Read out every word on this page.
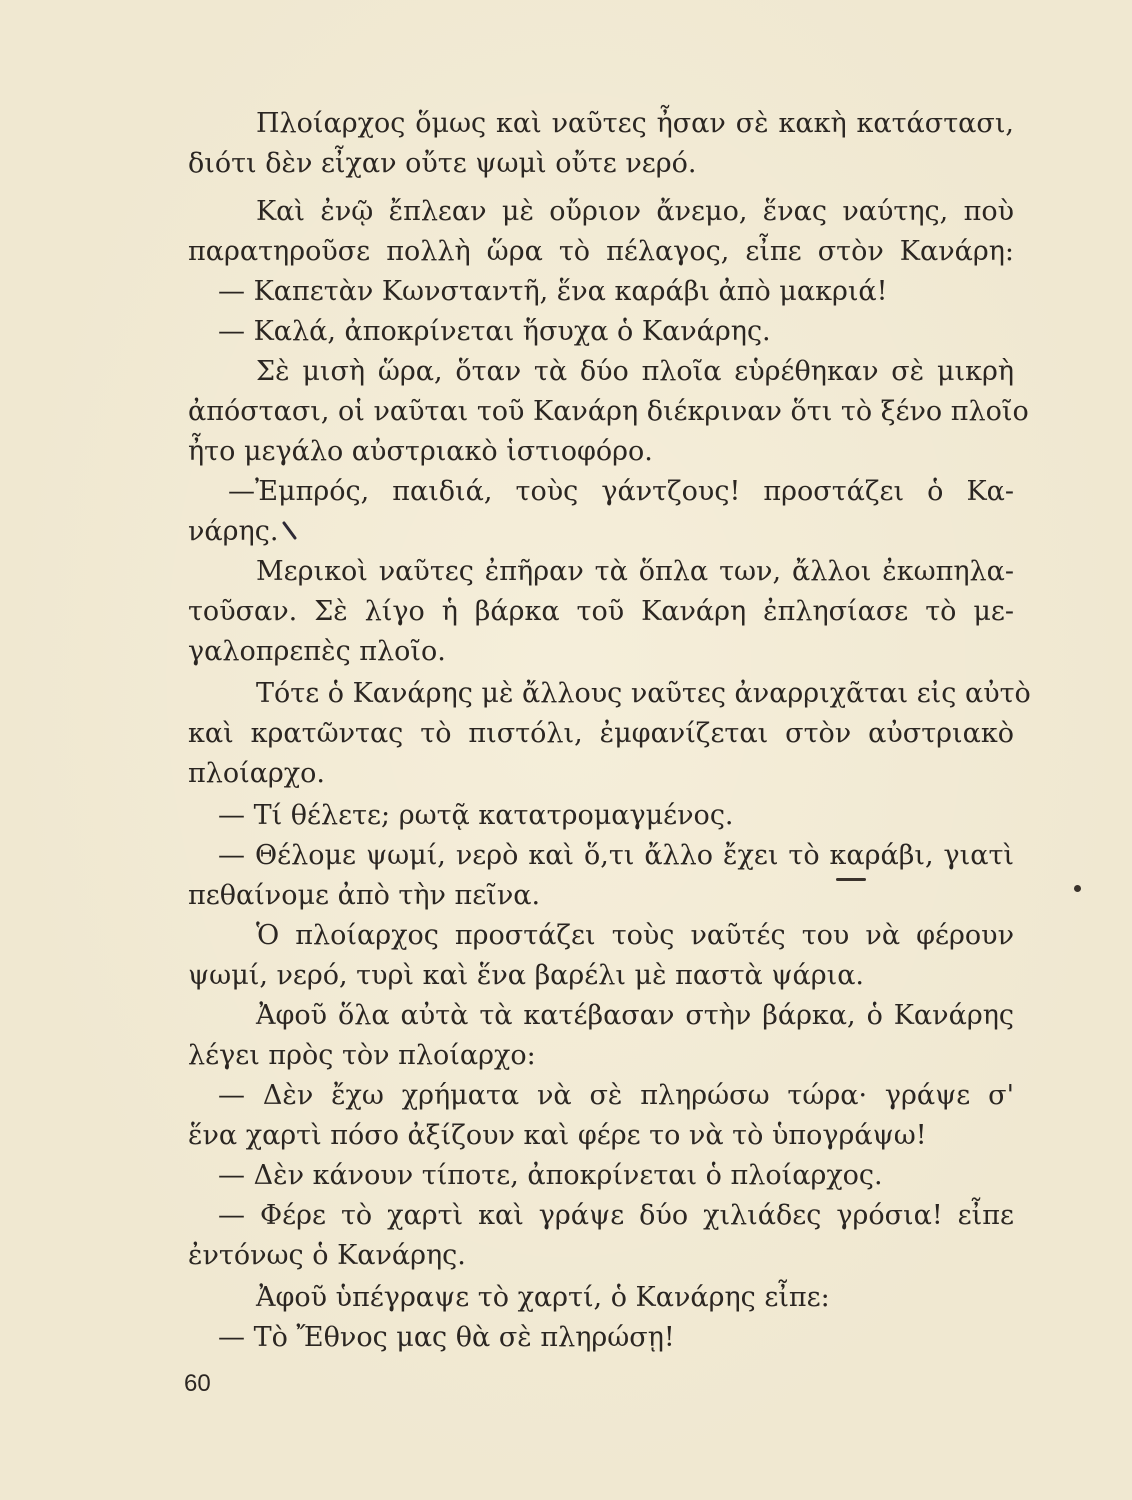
Πλοίαρχος ὅμως καὶ ναῦτες ἦσαν σὲ κακὴ κατάστασι,
διότι δὲν εἶχαν οὔτε ψωμὶ οὔτε νερό.
Καὶ ἐνῷ ἔπλεαν μὲ οὔριον ἄνεμο, ἕνας ναύτης, ποὺ
παρατηροῦσε πολλὴ ὥρα τὸ πέλαγος, εἶπε στὸν Κανάρη:
— Καπετὰν Κωνσταντῆ, ἕνα καράβι ἀπὸ μακριά!
— Καλά, ἀποκρίνεται ἥσυχα ὁ Κανάρης.
Σὲ μισὴ ὥρα, ὅταν τὰ δύο πλοῖα εὑρέθηκαν σὲ μικρὴ
ἀπόστασι, οἱ ναῦται τοῦ Κανάρη διέκριναν ὅτι τὸ ξένο πλοῖο
ἦτο μεγάλο αὐστριακὸ ἱστιοφόρο.
—Ἐμπρός, παιδιά, τοὺς γάντζους! προστάζει ὁ Κα-
νάρης.
Μερικοὶ ναῦτες ἐπῆραν τὰ ὅπλα των, ἄλλοι ἐκωπηλα-
τοῦσαν. Σὲ λίγο ἡ βάρκα τοῦ Κανάρη ἐπλησίασε τὸ με-
γαλοπρεπὲς πλοῖο.
Τότε ὁ Κανάρης μὲ ἄλλους ναῦτες ἀναρριχᾶται εἰς αὐτὸ
καὶ κρατῶντας τὸ πιστόλι, ἐμφανίζεται στὸν αὐστριακὸ
πλοίαρχο.
— Τί θέλετε; ρωτᾷ κατατρομαγμένος.
— Θέλομε ψωμί, νερὸ καὶ ὅ,τι ἄλλο ἔχει τὸ καράβι, γιατὶ
πεθαίνομε ἀπὸ τὴν πεῖνα.
Ὁ πλοίαρχος προστάζει τοὺς ναῦτές του νὰ φέρουν
ψωμί, νερό, τυρὶ καὶ ἕνα βαρέλι μὲ παστὰ ψάρια.
Ἀφοῦ ὅλα αὐτὰ τὰ κατέβασαν στὴν βάρκα, ὁ Κανάρης
λέγει πρὸς τὸν πλοίαρχο:
— Δὲν ἔχω χρήματα νὰ σὲ πληρώσω τώρα· γράψε σ'
ἕνα χαρτὶ πόσο ἀξίζουν καὶ φέρε το νὰ τὸ ὑπογράψω!
— Δὲν κάνουν τίποτε, ἀποκρίνεται ὁ πλοίαρχος.
— Φέρε τὸ χαρτὶ καὶ γράψε δύο χιλιάδες γρόσια! εἶπε
ἐντόνως ὁ Κανάρης.
Ἀφοῦ ὑπέγραψε τὸ χαρτί, ὁ Κανάρης εἶπε:
— Τὸ Ἔθνος μας θὰ σὲ πληρώσῃ!
60
